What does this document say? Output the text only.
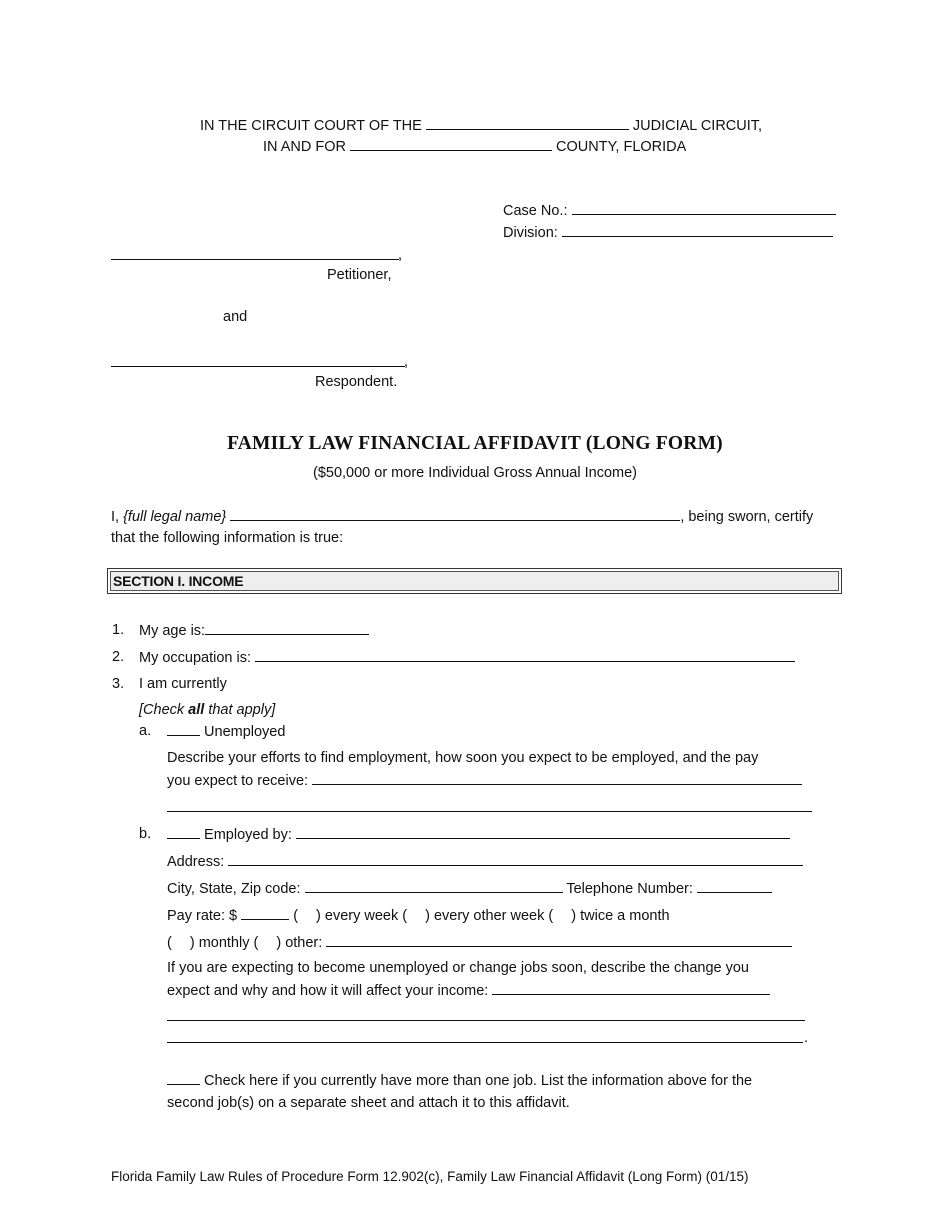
IN THE CIRCUIT COURT OF THE	JUDICIAL CIRCUIT,
IN AND FOR	COUNTY, FLORIDA
Case No.:
Division:
,
Petitioner,
and
,
Respondent.
FAMILY LAW FINANCIAL AFFIDAVIT (LONG FORM)
($50,000 or more Individual Gross Annual Income)
I, {full legal name}	, being sworn, certify
that the following information is true:
SECTION I. INCOME
1. My age is:
2. My occupation is:
3. I am currently
[Check all that apply]
a.	Unemployed
Describe your efforts to find employment, how soon you expect to be employed, and the pay
you expect to receive:
b.	Employed by:
Address:
City, State, Zip code:	Telephone Number:
Pay rate: $	( ) every week ( ) every other week ( ) twice a month
( ) monthly ( ) other:
If you are expecting to become unemployed or change jobs soon, describe the change you
expect and why and how it will affect your income:
.
Check here if you currently have more than one job. List the information above for the
second job(s) on a separate sheet and attach it to this affidavit.
Florida Family Law Rules of Procedure Form 12.902(c), Family Law Financial Affidavit (Long Form) (01/15)
